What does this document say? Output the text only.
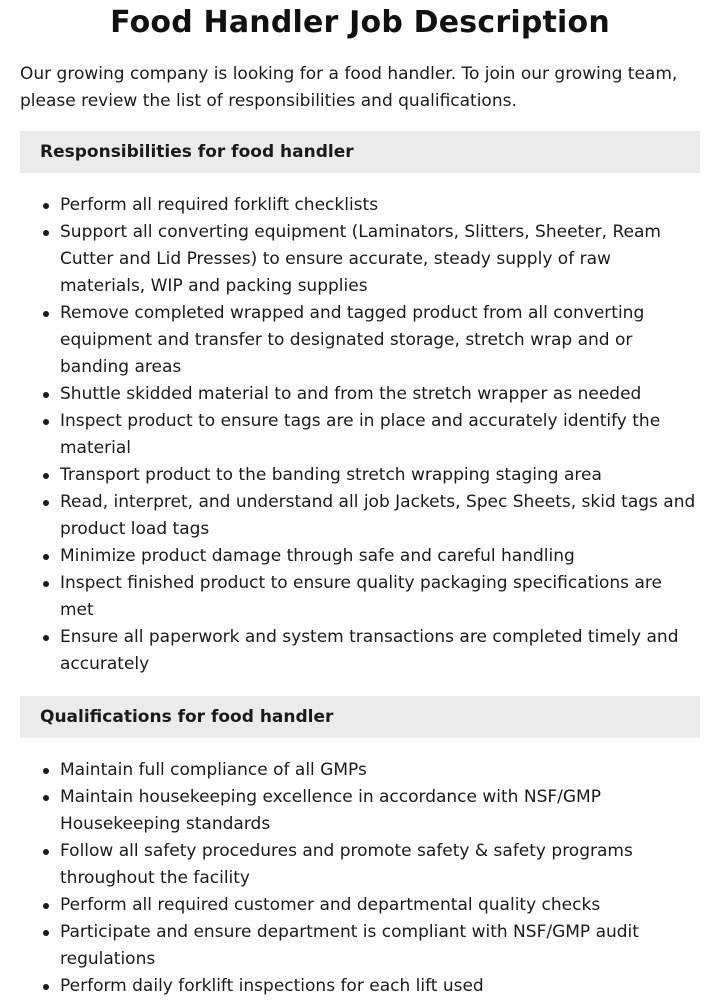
Food Handler Job Description

Our growing company is looking for a food handler. To join our growing team, please review the list of responsibilities and qualifications.

Responsibilities for food handler
Perform all required forklift checklists
Support all converting equipment (Laminators, Slitters, Sheeter, Ream Cutter and Lid Presses) to ensure accurate, steady supply of raw materials, WIP and packing supplies
Remove completed wrapped and tagged product from all converting equipment and transfer to designated storage, stretch wrap and or banding areas
Shuttle skidded material to and from the stretch wrapper as needed
Inspect product to ensure tags are in place and accurately identify the material
Transport product to the banding stretch wrapping staging area
Read, interpret, and understand all job Jackets, Spec Sheets, skid tags and product load tags
Minimize product damage through safe and careful handling
Inspect finished product to ensure quality packaging specifications are met
Ensure all paperwork and system transactions are completed timely and accurately
Qualifications for food handler
Maintain full compliance of all GMPs
Maintain housekeeping excellence in accordance with NSF/GMP Housekeeping standards
Follow all safety procedures and promote safety & safety programs throughout the facility
Perform all required customer and departmental quality checks
Participate and ensure department is compliant with NSF/GMP audit regulations
Perform daily forklift inspections for each lift used
